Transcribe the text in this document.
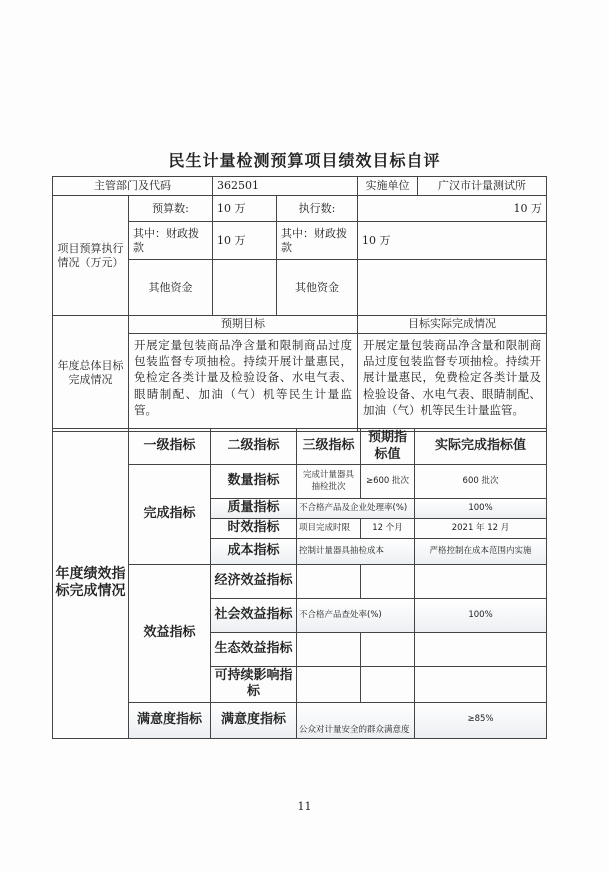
民生计量检测预算项目绩效目标自评
主管部门及代码		362501		实施单位	广汉市计量测试所
项目预算执行情况（万元）	预算数:	10 万	执行数:	10 万	
	其中：财政拨款	10 万	其中：财政拨款	10 万	
	其他资金		其他资金		
年度总体目标完成情况	预期目标			目标实际完成情况	
	开展定量包装商品净含量和限制商品过度包装监督专项抽检。持续开展计量惠民，免检定各类计量及检验设备、水电气表、眼睛制配、加油（气）机等民生计量监管。			开展定量包装商品净含量和限制商品过度包装监督专项抽检。持续开展计量惠民，免费检定各类计量及检验设备、水电气表、眼睛制配、加油（气）机等民生计量监管。	
年度绩效指标完成情况	一级指标	二级指标	三级指标	预期指标值	实际完成指标值
	完成指标	数量指标	完成计量器具抽检批次	≥600 批次	600 批次
		质量指标	不合格产品及企业处理率(%)		100%
		时效指标	项目完成时限	12 个月	2021 年 12 月
		成本指标	控制计量器具抽检成本		严格控制在成本范围内实施
	效益指标	经济效益指标			
		社会效益指标	不合格产品查处率(%)		100%
		生态效益指标			
		可持续影响指标			
	满意度指标	满意度指标	公众对计量安全的群众满意度		≥85%
11
